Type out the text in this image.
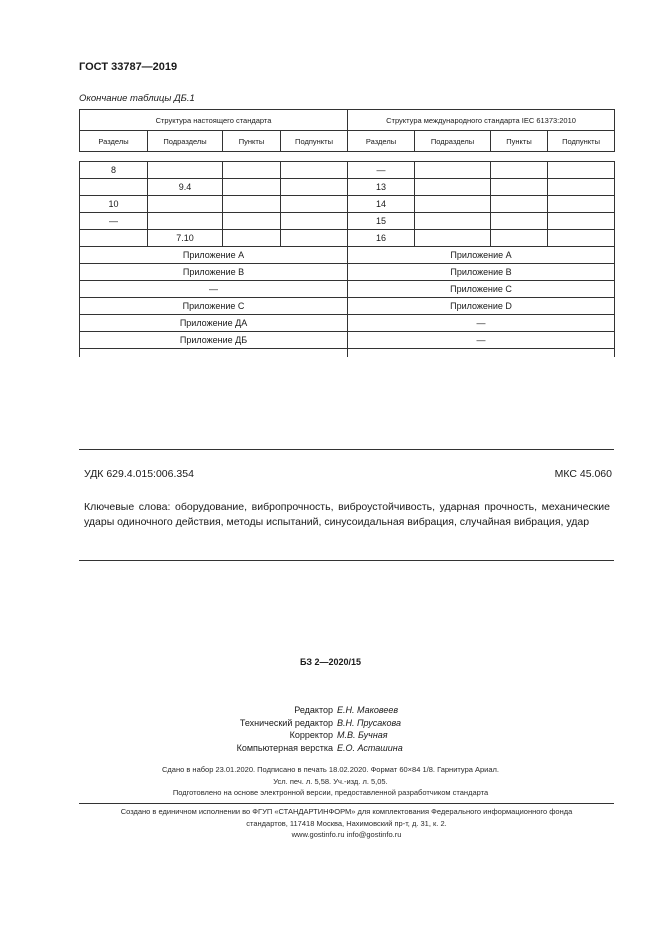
ГОСТ 33787—2019
Окончание таблицы ДБ.1
Структура настоящего стандарта				Структура международного стандарта IEC 61373:2010			
Разделы	Подразделы	Пункты	Подпункты	Разделы	Подразделы	Пункты	Подпункты

8				—			
	9.4			13			
10				14			
—				15			
	7.10			16			
Приложение А				Приложение А			
Приложение В				Приложение В			
—				Приложение С			
Приложение С				Приложение D			
Приложение ДА				—			
Приложение ДБ				—			

УДК 629.4.015:006.354	МКС 45.060
Ключевые слова: оборудование, вибропрочность, виброустойчивость, ударная прочность, механические удары одиночного действия, методы испытаний, синусоидальная вибрация, случайная вибрация, удар
БЗ 2—2020/15
Редактор Е.Н. Маковеев
Технический редактор В.Н. Прусакова
Корректор М.В. Бучная
Компьютерная верстка Е.О. Асташина
Сдано в набор 23.01.2020. Подписано в печать 18.02.2020. Формат 60×84 1/8. Гарнитура Ариал.
Усл. печ. л. 5,58. Уч.-изд. л. 5,05.
Подготовлено на основе электронной версии, предоставленной разработчиком стандарта
Создано в единичном исполнении во ФГУП «СТАНДАРТИНФОРМ» для комплектования Федерального информационного фонда
стандартов, 117418 Москва, Нахимовский пр-т, д. 31, к. 2.
www.gostinfo.ru info@gostinfo.ru
